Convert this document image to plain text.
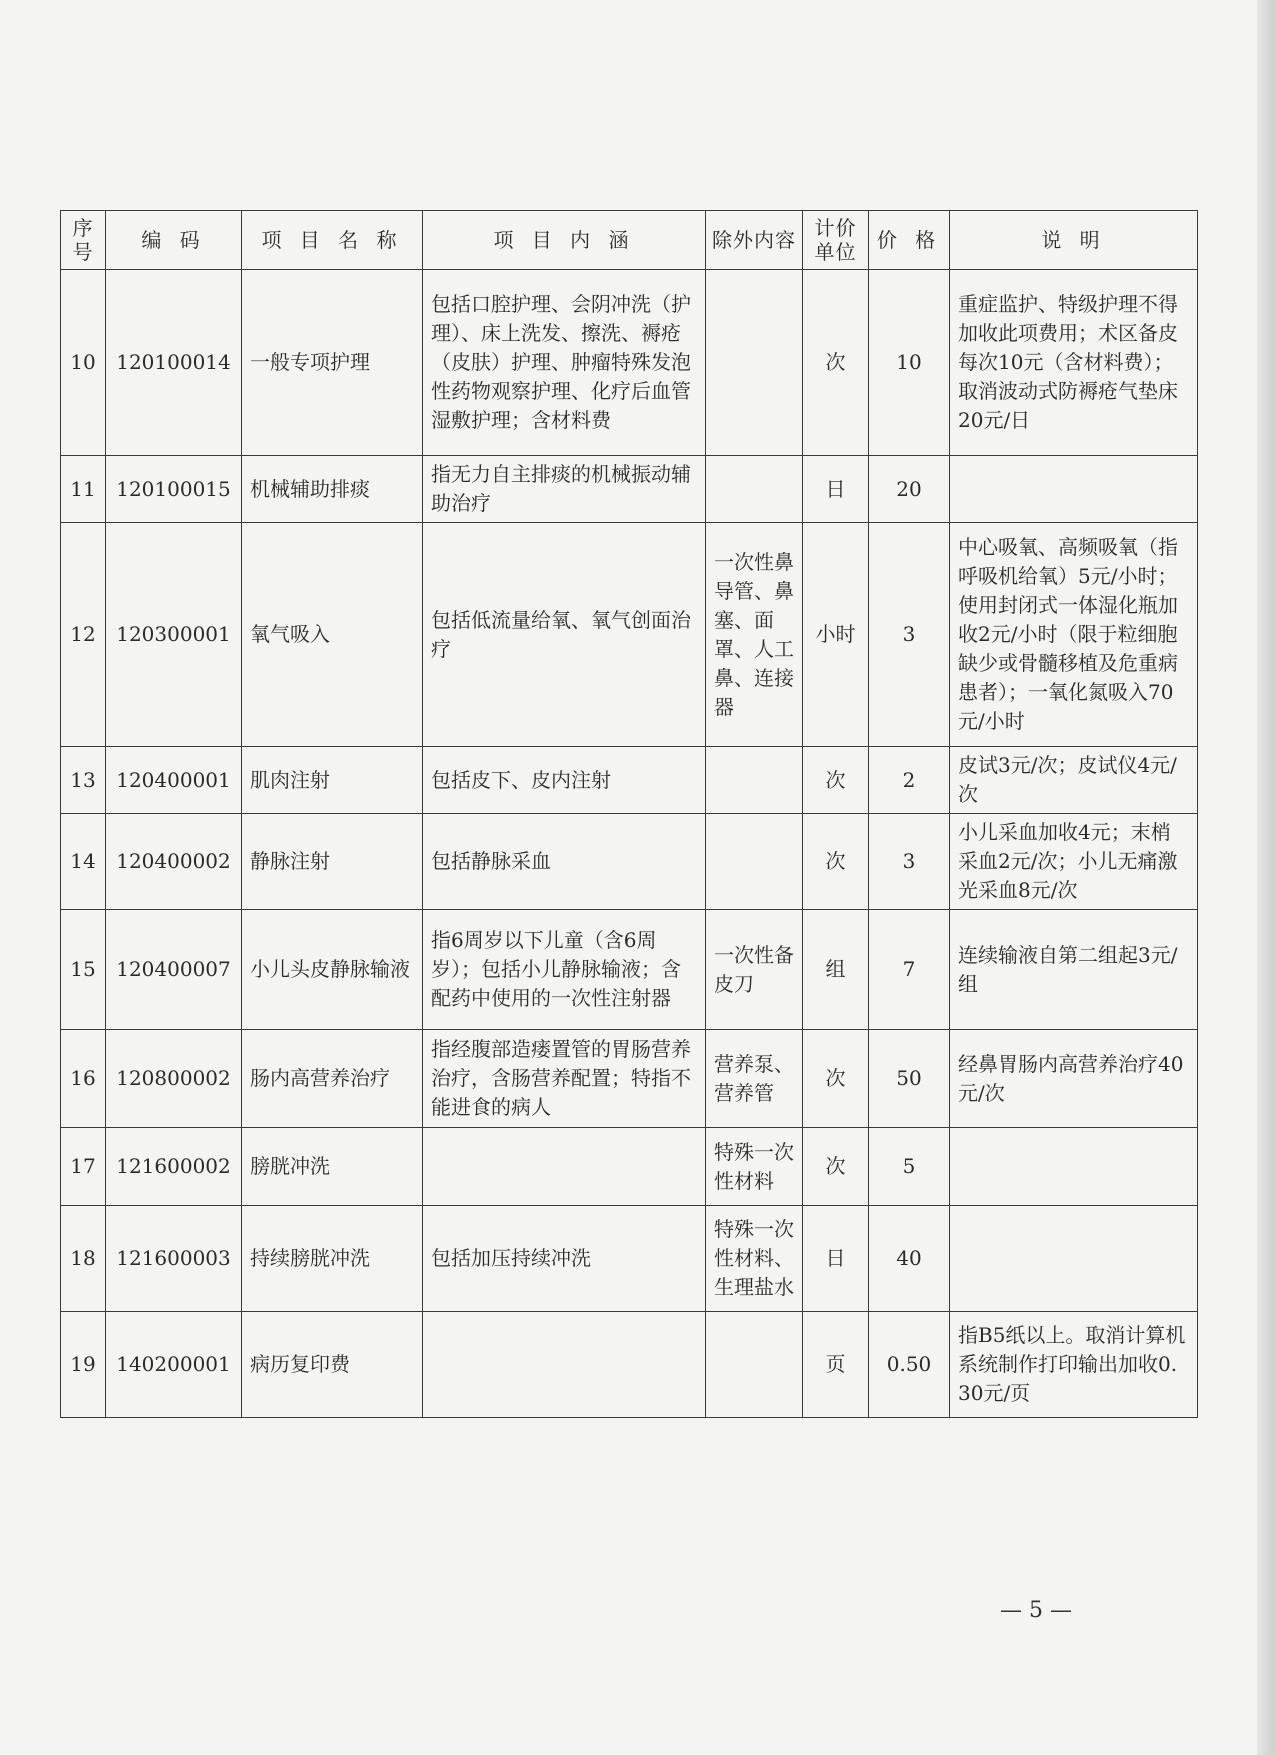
序号	编 码	项 目 名 称	项 目 内 涵	除外内容	计价单位	价 格	说 明
10	120100014	一般专项护理	包括口腔护理、会阴冲洗（护理）、床上洗发、擦洗、褥疮（皮肤）护理、肿瘤特殊发泡性药物观察护理、化疗后血管湿敷护理；含材料费		次	10	重症监护、特级护理不得加收此项费用；术区备皮每次10元（含材料费）；取消波动式防褥疮气垫床20元/日
11	120100015	机械辅助排痰	指无力自主排痰的机械振动辅助治疗		日	20	
12	120300001	氧气吸入	包括低流量给氧、氧气创面治疗	一次性鼻导管、鼻塞、面罩、人工鼻、连接器	小时	3	中心吸氧、高频吸氧（指呼吸机给氧）5元/小时；使用封闭式一体湿化瓶加收2元/小时（限于粒细胞缺少或骨髓移植及危重病患者）；一氧化氮吸入70元/小时
13	120400001	肌肉注射	包括皮下、皮内注射		次	2	皮试3元/次；皮试仪4元/次
14	120400002	静脉注射	包括静脉采血		次	3	小儿采血加收4元；末梢采血2元/次；小儿无痛激光采血8元/次
15	120400007	小儿头皮静脉输液	指6周岁以下儿童（含6周岁）；包括小儿静脉输液；含配药中使用的一次性注射器	一次性备皮刀	组	7	连续输液自第二组起3元/组
16	120800002	肠内高营养治疗	指经腹部造瘘置管的胃肠营养治疗，含肠营养配置；特指不能进食的病人	营养泵、营养管	次	50	经鼻胃肠内高营养治疗40元/次
17	121600002	膀胱冲洗		特殊一次性材料	次	5	
18	121600003	持续膀胱冲洗	包括加压持续冲洗	特殊一次性材料、生理盐水	日	40	
19	140200001	病历复印费			页	0.50	指B5纸以上。取消计算机系统制作打印输出加收0.30元/页
— 5 —
